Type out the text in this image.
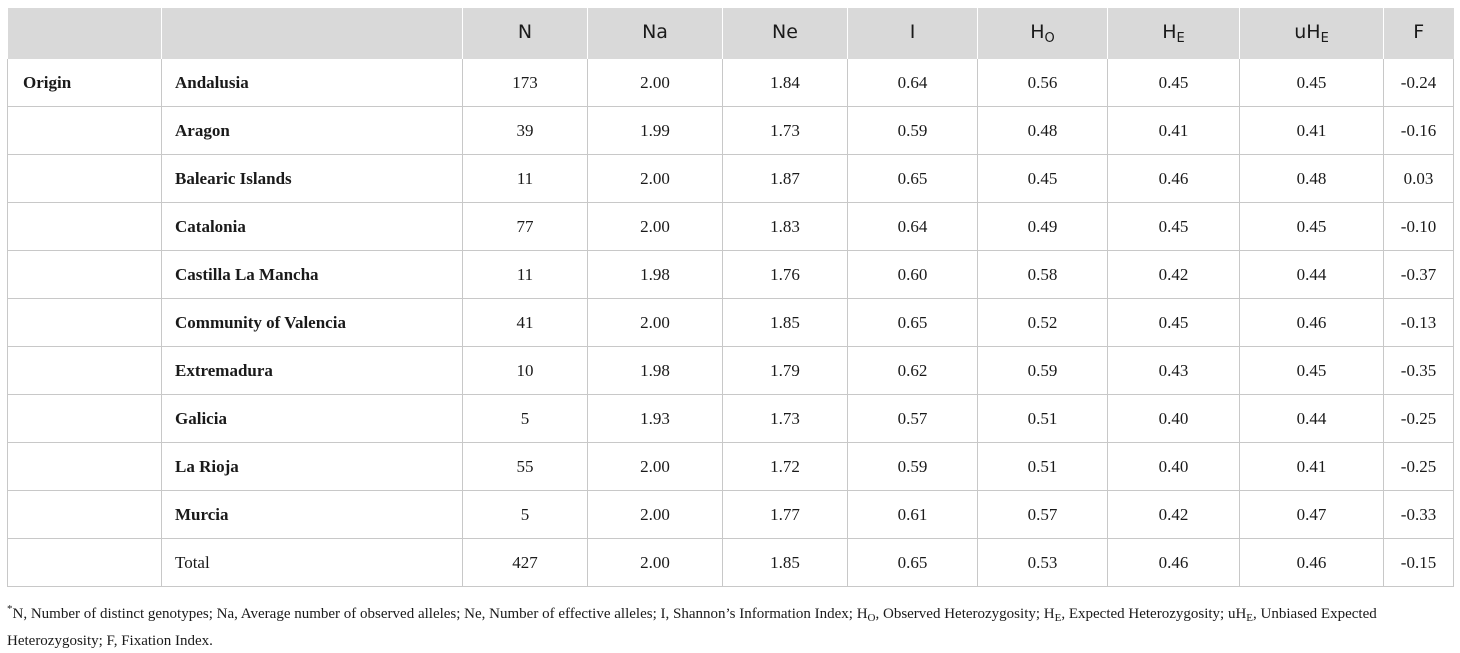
		N	Na	Ne	I	$H_O$	$H_E$	$uH_E$	F
Origin	Andalusia	173	2.00	1.84	0.64	0.56	0.45	0.45	-0.24
	Aragon	39	1.99	1.73	0.59	0.48	0.41	0.41	-0.16
	Balearic Islands	11	2.00	1.87	0.65	0.45	0.46	0.48	0.03
	Catalonia	77	2.00	1.83	0.64	0.49	0.45	0.45	-0.10
	Castilla La Mancha	11	1.98	1.76	0.60	0.58	0.42	0.44	-0.37
	Community of Valencia	41	2.00	1.85	0.65	0.52	0.45	0.46	-0.13
	Extremadura	10	1.98	1.79	0.62	0.59	0.43	0.45	-0.35
	Galicia	5	1.93	1.73	0.57	0.51	0.40	0.44	-0.25
	La Rioja	55	2.00	1.72	0.59	0.51	0.40	0.41	-0.25
	Murcia	5	2.00	1.77	0.61	0.57	0.42	0.47	-0.33
	Total	427	2.00	1.85	0.65	0.53	0.46	0.46	-0.15
*N, Number of distinct genotypes; Na, Average number of observed alleles; Ne, Number of effective alleles; I, Shannon’s Information Index; $H_O$, Observed Heterozygosity; $H_E$, Expected Heterozygosity; $uH_E$, Unbiased Expected Heterozygosity; F, Fixation Index.
